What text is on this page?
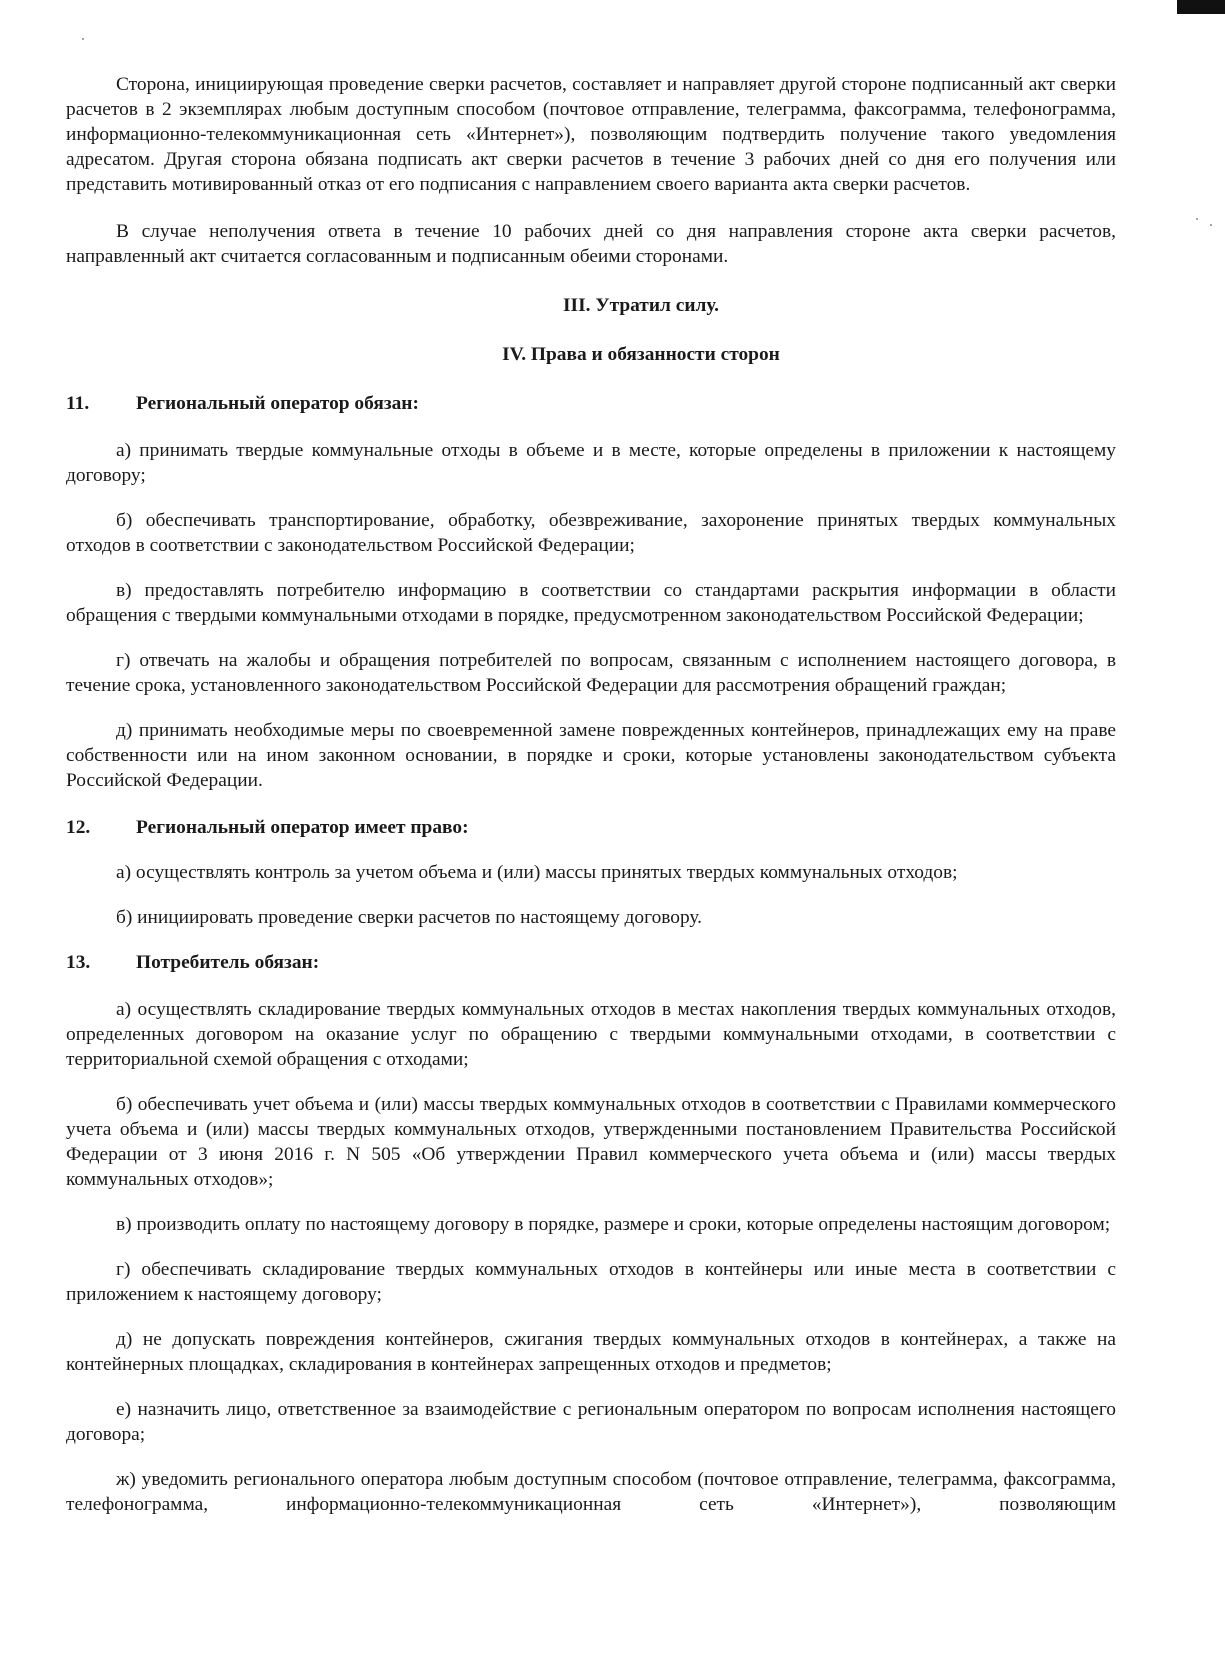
Сторона, инициирующая проведение сверки расчетов, составляет и направляет другой стороне подписанный акт сверки расчетов в 2 экземплярах любым доступным способом (почтовое отправление, телеграмма, факсограмма, телефонограмма, информационно-телекоммуникационная сеть «Интернет»), позволяющим подтвердить получение такого уведомления адресатом. Другая сторона обязана подписать акт сверки расчетов в течение 3 рабочих дней со дня его получения или представить мотивированный отказ от его подписания с направлением своего варианта акта сверки расчетов.

В случае неполучения ответа в течение 10 рабочих дней со дня направления стороне акта сверки расчетов, направленный акт считается согласованным и подписанным обеими сторонами.

III. Утратил силу.
IV. Права и обязанности сторон
11.	Региональный оператор обязан:

а) принимать твердые коммунальные отходы в объеме и в месте, которые определены в приложении к настоящему договору;

б) обеспечивать транспортирование, обработку, обезвреживание, захоронение принятых твердых коммунальных отходов в соответствии с законодательством Российской Федерации;

в) предоставлять потребителю информацию в соответствии со стандартами раскрытия информации в области обращения с твердыми коммунальными отходами в порядке, предусмотренном законодательством Российской Федерации;

г) отвечать на жалобы и обращения потребителей по вопросам, связанным с исполнением настоящего договора, в течение срока, установленного законодательством Российской Федерации для рассмотрения обращений граждан;

д) принимать необходимые меры по своевременной замене поврежденных контейнеров, принадлежащих ему на праве собственности или на ином законном основании, в порядке и сроки, которые установлены законодательством субъекта Российской Федерации.

12.	Региональный оператор имеет право:

а) осуществлять контроль за учетом объема и (или) массы принятых твердых коммунальных отходов;

б) инициировать проведение сверки расчетов по настоящему договору.

13.	Потребитель обязан:

а) осуществлять складирование твердых коммунальных отходов в местах накопления твердых коммунальных отходов, определенных договором на оказание услуг по обращению с твердыми коммунальными отходами, в соответствии с территориальной схемой обращения с отходами;

б) обеспечивать учет объема и (или) массы твердых коммунальных отходов в соответствии с Правилами коммерческого учета объема и (или) массы твердых коммунальных отходов, утвержденными постановлением Правительства Российской Федерации от 3 июня 2016 г. N 505 «Об утверждении Правил коммерческого учета объема и (или) массы твердых коммунальных отходов»;

в) производить оплату по настоящему договору в порядке, размере и сроки, которые определены настоящим договором;

г) обеспечивать складирование твердых коммунальных отходов в контейнеры или иные места в соответствии с приложением к настоящему договору;

д) не допускать повреждения контейнеров, сжигания твердых коммунальных отходов в контейнерах, а также на контейнерных площадках, складирования в контейнерах запрещенных отходов и предметов;

е) назначить лицо, ответственное за взаимодействие с региональным оператором по вопросам исполнения настоящего договора;

ж) уведомить регионального оператора любым доступным способом (почтовое отправление, телеграмма, факсограмма, телефонограмма, информационно-телекоммуникационная сеть «Интернет»), позволяющим
